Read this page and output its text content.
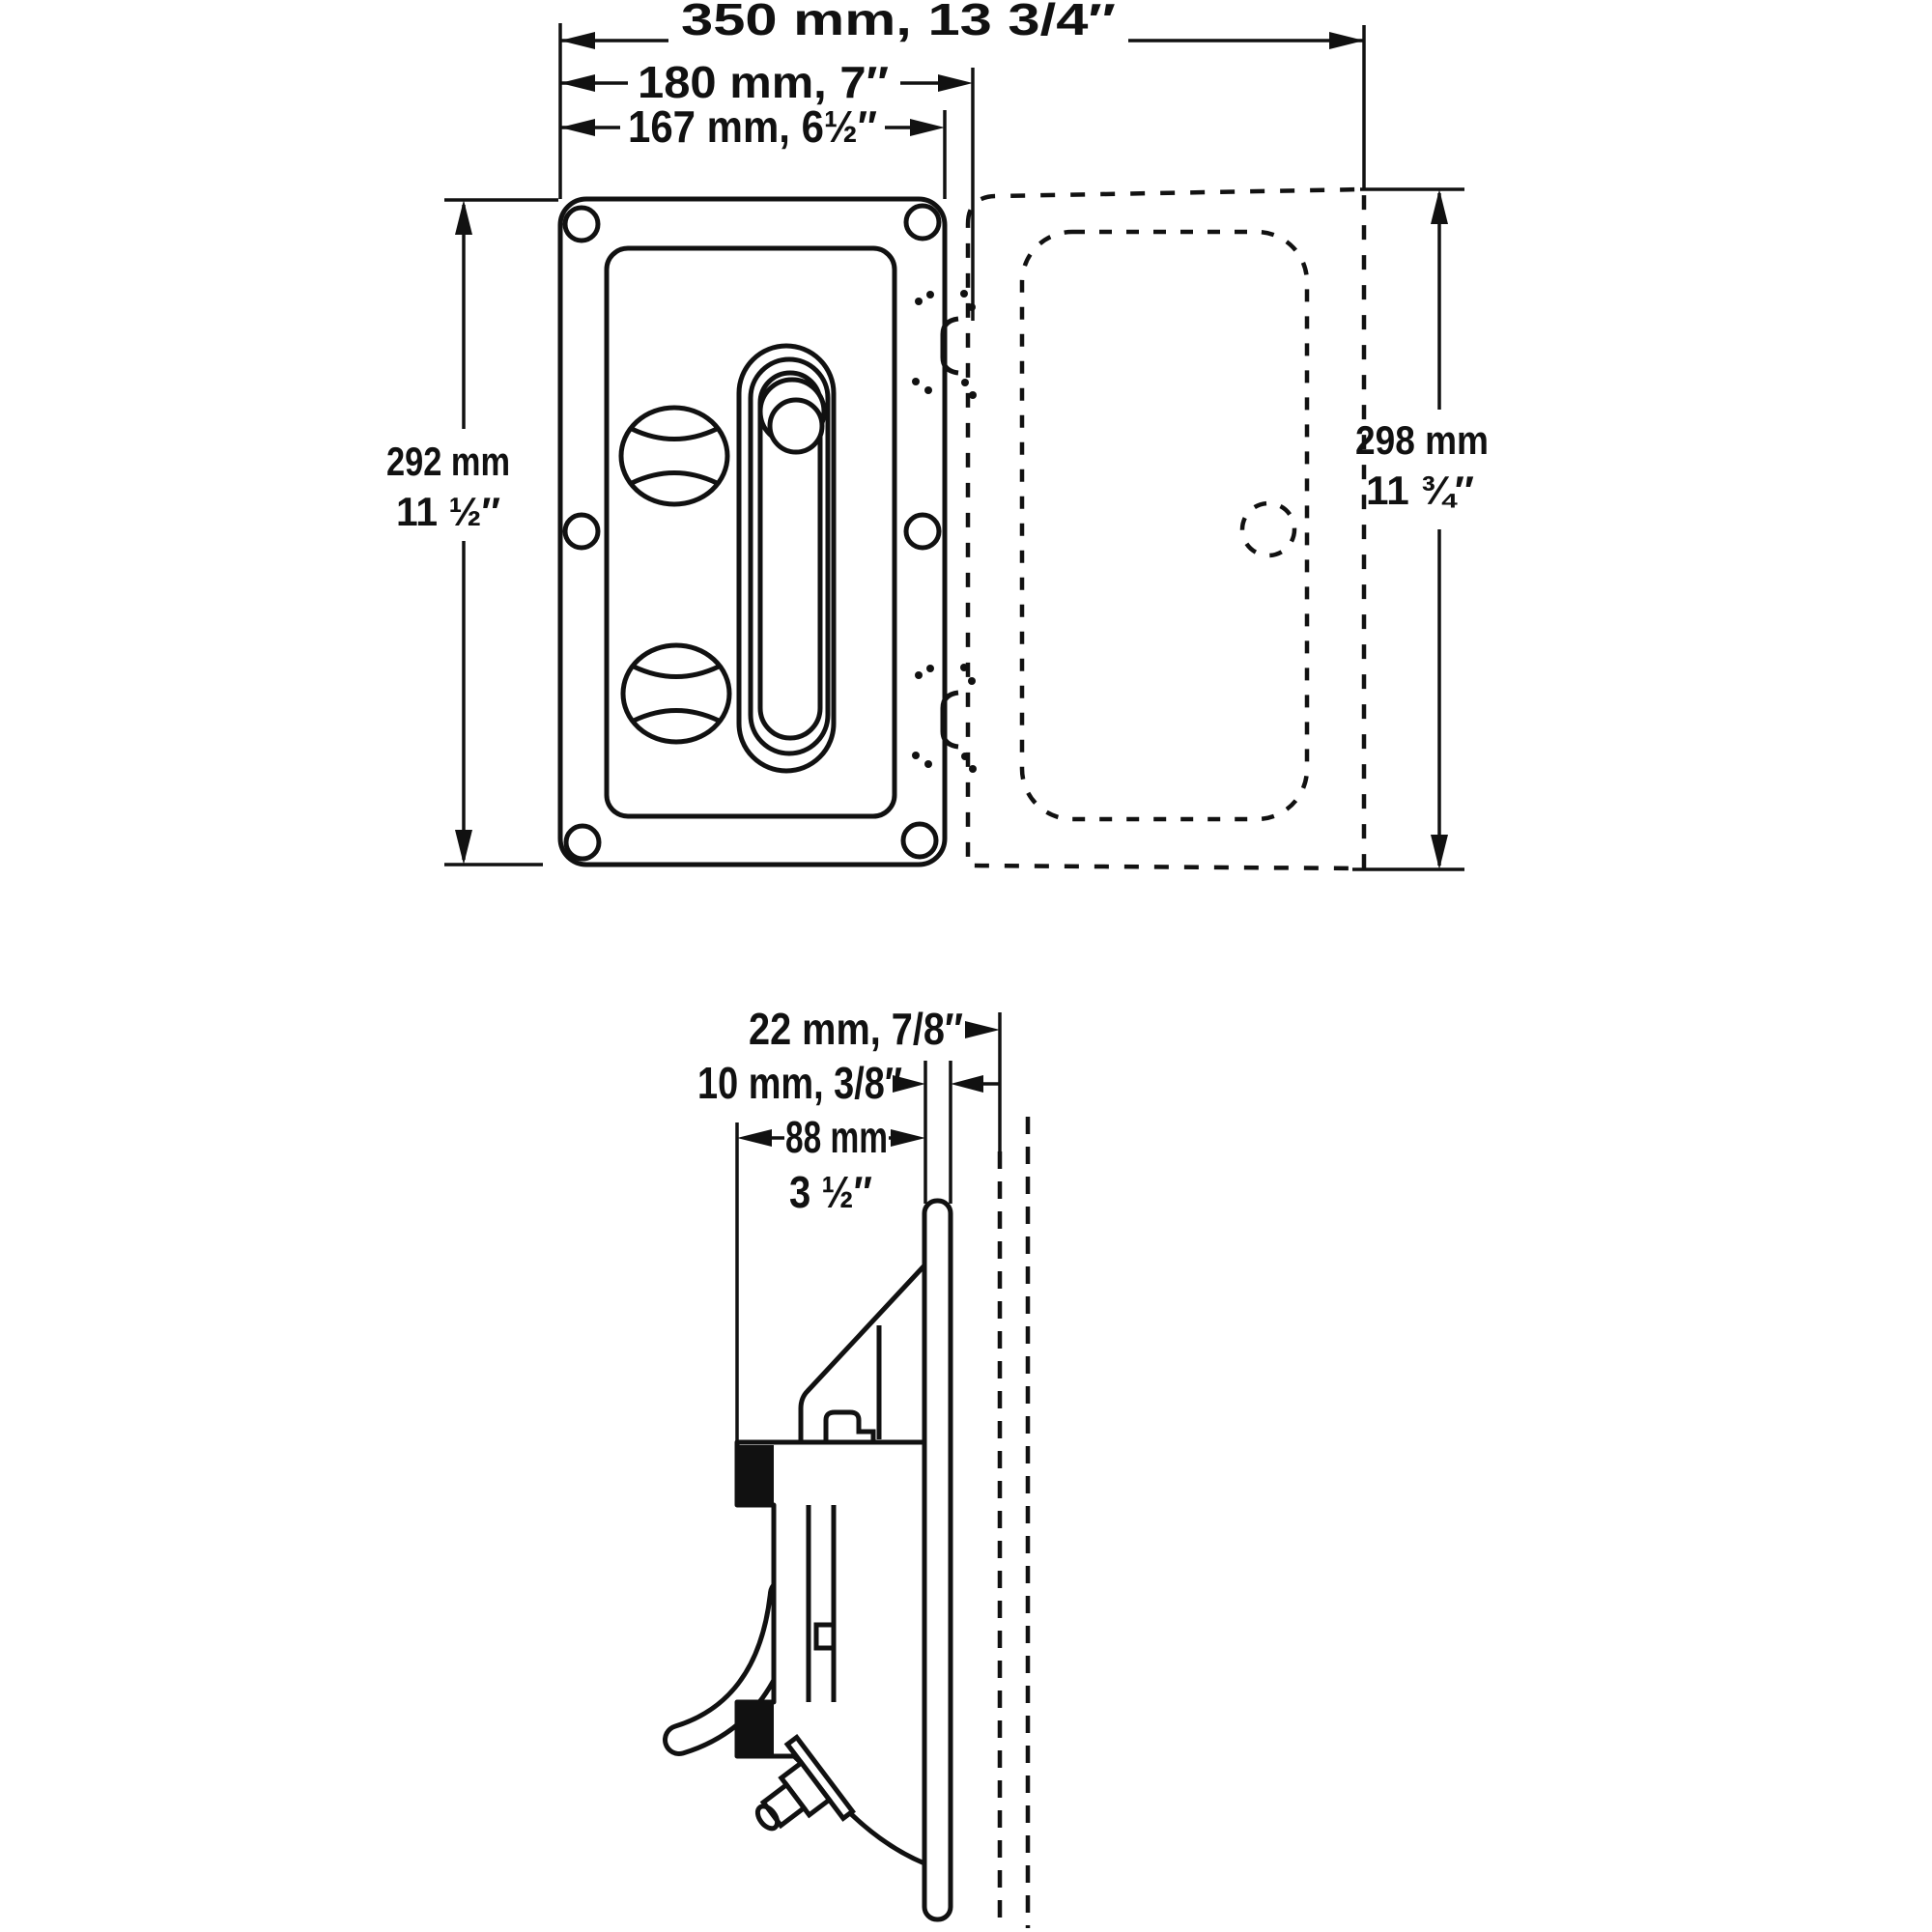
350 mm, 13 3/4″
180 mm, 7″
167 mm, 6½″
292 mm
11 ½″
298 mm
11 ¾″
22 mm, 7/8″
10 mm, 3/8″
88 mm
3 ½″
